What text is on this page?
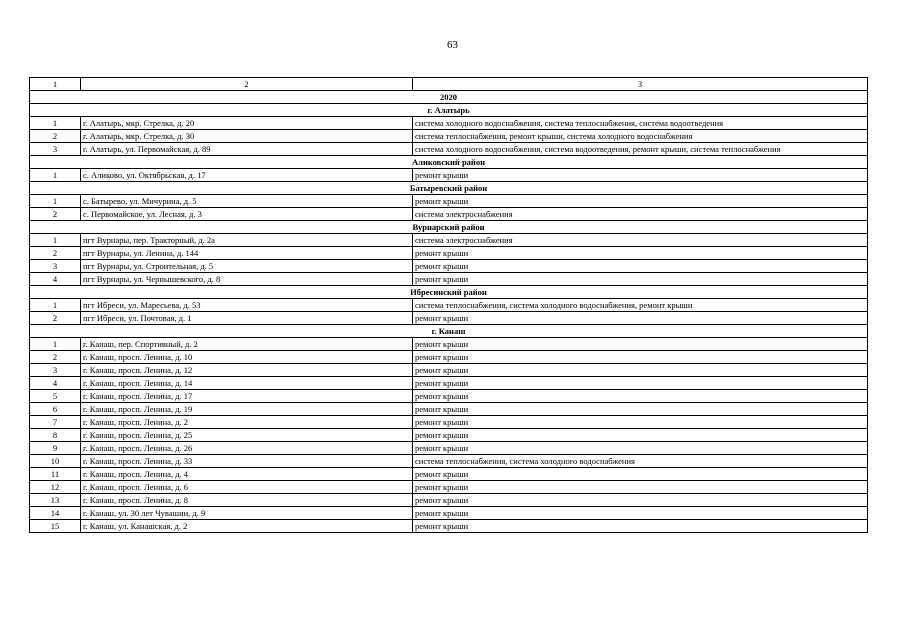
63
1	2	3
2020		
г. Алатырь		
1	г. Алатырь, мкр. Стрелка, д. 20	система холодного водоснабжения, система теплоснабжения, система водоотведения
2	г. Алатырь, мкр. Стрелка, д. 30	система теплоснабжения, ремонт крыши, система холодного водоснабжения
3	г. Алатырь, ул. Первомайская, д. 89	система холодного водоснабжения, система водоотведения, ремонт крыши, система теплоснабжения
Аликовский район		
1	с. Аликово, ул. Октябрьская, д. 17	ремонт крыши
Батыревский район		
1	с. Батырево, ул. Мичурина, д. 5	ремонт крыши
2	с. Первомайское, ул. Лесная, д. 3	система электроснабжения
Вурнарский район		
1	пгт Вурнары, пер. Тракторный, д. 2а	система электроснабжения
2	пгт Вурнары, ул. Ленина, д. 144	ремонт крыши
3	пгт Вурнары, ул. Строительная, д. 5	ремонт крыши
4	пгт Вурнары, ул. Чернышевского, д. 8	ремонт крыши
Ибресинский район		
1	пгт Ибреси, ул. Маресьева, д. 53	система теплоснабжения, система холодного водоснабжения, ремонт крыши
2	пгт Ибреси, ул. Почтовая, д. 1	ремонт крыши
г. Канаш		
1	г. Канаш, пер. Спортивный, д. 2	ремонт крыши
2	г. Канаш, просп. Ленина, д. 10	ремонт крыши
3	г. Канаш, просп. Ленина, д. 12	ремонт крыши
4	г. Канаш, просп. Ленина, д. 14	ремонт крыши
5	г. Канаш, просп. Ленина, д. 17	ремонт крыши
6	г. Канаш, просп. Ленина, д. 19	ремонт крыши
7	г. Канаш, просп. Ленина, д. 2	ремонт крыши
8	г. Канаш, просп. Ленина, д. 25	ремонт крыши
9	г. Канаш, просп. Ленина, д. 26	ремонт крыши
10	г. Канаш, просп. Ленина, д. 33	система теплоснабжения, система холодного водоснабжения
11	г. Канаш, просп. Ленина, д. 4	ремонт крыши
12	г. Канаш, просп. Ленина, д. 6	ремонт крыши
13	г. Канаш, просп. Ленина, д. 8	ремонт крыши
14	г. Канаш, ул. 30 лет Чувашии, д. 9	ремонт крыши
15	г. Канаш, ул. Канашская, д. 2	ремонт крыши
